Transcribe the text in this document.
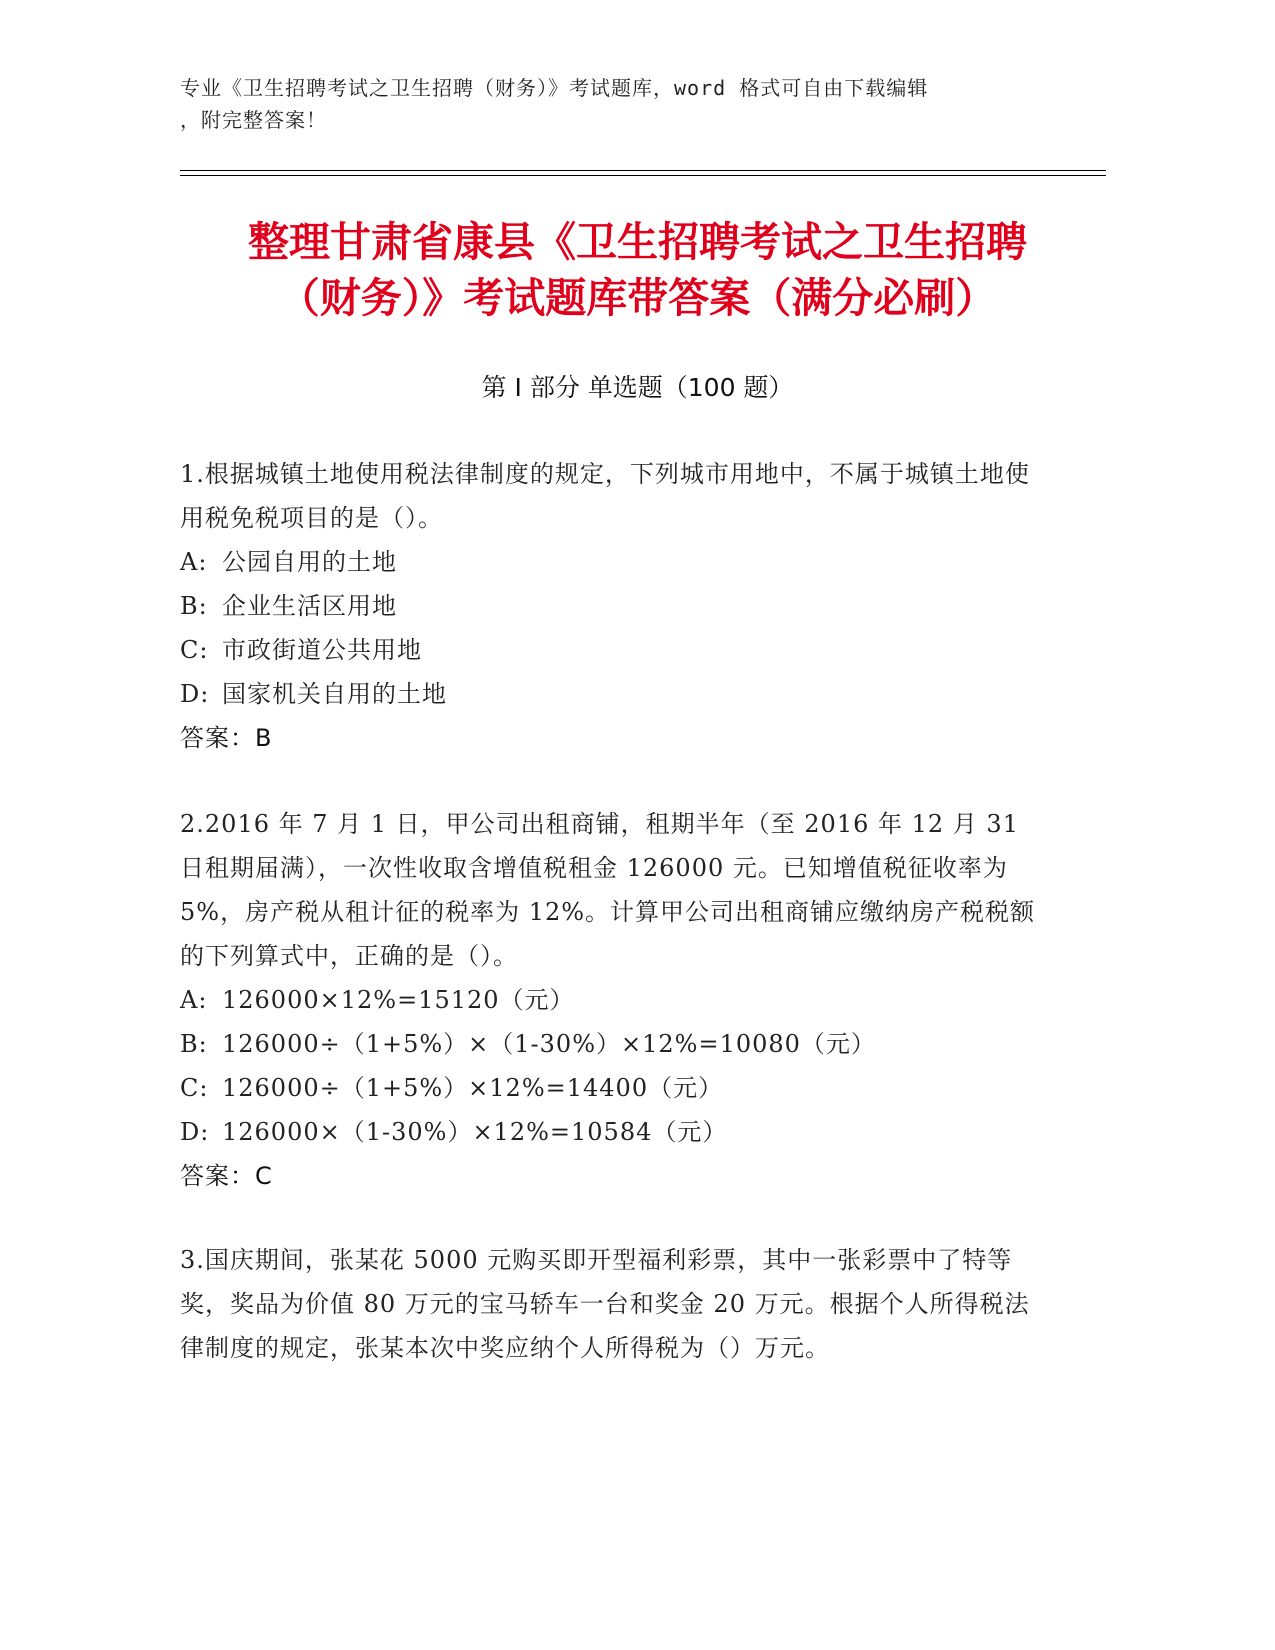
专业《卫生招聘考试之卫生招聘（财务）》考试题库，word 格式可自由下载编辑
，附完整答案！
整理甘肃省康县《卫生招聘考试之卫生招聘
（财务）》考试题库带答案（满分必刷）
第 I 部分 单选题（100 题）

1.根据城镇土地使用税法律制度的规定，下列城市用地中，不属于城镇土地使用税免税项目的是（）。

A: 公园自用的土地

B: 企业生活区用地

C: 市政街道公共用地

D: 国家机关自用的土地

答案：B

2.2016 年 7 月 1 日，甲公司出租商铺，租期半年（至 2016 年 12 月 31 日租期届满），一次性收取含增值税租金 126000 元。已知增值税征收率为 5%，房产税从租计征的税率为 12%。计算甲公司出租商铺应缴纳房产税税额的下列算式中，正确的是（）。

A: 126000×12%=15120（元）

B: 126000÷（1+5%）×（1-30%）×12%=10080（元）

C: 126000÷（1+5%）×12%=14400（元）

D: 126000×（1-30%）×12%=10584（元）

答案：C

3.国庆期间，张某花 5000 元购买即开型福利彩票，其中一张彩票中了特等奖，奖品为价值 80 万元的宝马轿车一台和奖金 20 万元。根据个人所得税法律制度的规定，张某本次中奖应纳个人所得税为（）万元。
